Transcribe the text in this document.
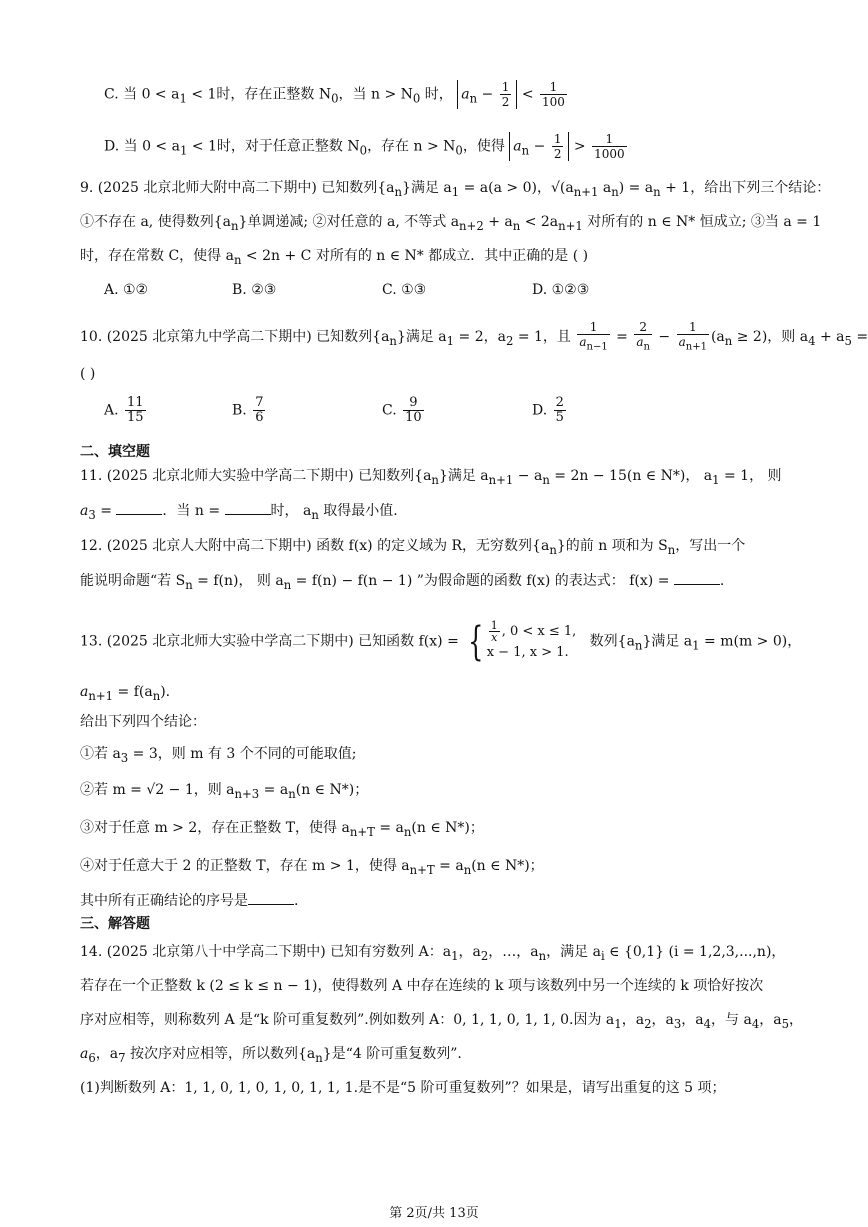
C. 当 $0 < a_1 < 1$时，存在正整数 $N_0$，当 $n > N_0$ 时， $a_n - \frac{1}{2} < \frac{1}{100}$
D. 当 $0 < a_1 < 1$时，对于任意正整数 $N_0$，存在 $n > N_0$，使得 $a_n - \frac{1}{2} > \frac{1}{1000}$
9. (2025 北京北师大附中高二下期中) 已知数列$\{a_n\}$满足 $a_1 = a(a > 0)$，$√(a_{n+1}$ $a_n) = a_n + 1$，给出下列三个结论：
①不存在 a, 使得数列$\{a_n\}$单调递减; ②对任意的 a, 不等式 $a_{n+2} + a_n < 2a_{n+1}$ 对所有的 n ∈ N* 恒成立; ③当 a = 1
时，存在常数 C，使得 $a_n < 2n + C$ 对所有的 n ∈ N* 都成立．其中正确的是 ( )
A. ①②	B. ②③	C. ①③	D. ①②③
10. (2025 北京第九中学高二下期中) 已知数列$\{a_n\}$满足 $a_1 = 2$，$a_2 = 1$，且 $\frac{1}{a_{n-1}} = \frac{2}{a_n} - \frac{1}{a_{n+1}} (a_n \ge 2)$，则 $a_4 + a_5$ =
( )
A. $\frac{11}{15}$	B. $\frac{7}{6}$	C. $\frac{9}{10}$	D. $\frac{2}{5}$
二、填空题
11. (2025 北京北师大实验中学高二下期中) 已知数列$\{a_n\}$满足 $a_{n+1} - a_n = 2n - 15(n$ ∈ N*)， $a_1 = 1$， 则
$a_3$ =	．当 n =	时， $a_n$ 取得最小值.
12. (2025 北京人大附中高二下期中) 函数 f(x) 的定义域为 R，无穷数列$\{a_n\}$的前 n 项和为 $S_n$，写出一个
能说明命题“若 $S_n = f(n)$， 则 $a_n = f(n) - f(n - 1)$ ”为假命题的函数 f(x) 的表达式： f(x) =	.
13. (2025 北京北师大实验中学高二下期中) 已知函数 f(x) = { $\frac{1}{x}$ , 0 < x ≤ 1,
x − 1, x > 1.
数列$\{a_n\}$满足 $a_1 = m(m > 0)$，
$a_{n+1} = f(a_n)$.
给出下列四个结论：
①若 $a_3 = 3$，则 m 有 3 个不同的可能取值;
②若 m = √2 − 1，则 $a_{n+3} = a_n(n$ ∈ N*)；
③对于任意 m > 2，存在正整数 T，使得 $a_{n+T} = a_n(n$ ∈ N*)；
④对于任意大于 2 的正整数 T，存在 m > 1，使得 $a_{n+T} = a_n(n$ ∈ N*)；
其中所有正确结论的序号是	.
三、解答题
14. (2025 北京第八十中学高二下期中) 已知有穷数列 A：$a_1$，$a_2$，…，$a_n$，满足 $a_i$ ∈ {0,1} (i = 1,2,3,...,n)，
若存在一个正整数 k (2 ≤ k ≤ n − 1)，使得数列 A 中存在连续的 k 项与该数列中另一个连续的 k 项恰好按次
序对应相等，则称数列 A 是“k 阶可重复数列”.例如数列 A：0, 1, 1, 0, 1, 1, 0.因为 $a_1$，$a_2$，$a_3$，$a_4$，与 $a_4$，$a_5$，
$a_6$，$a_7$ 按次序对应相等，所以数列$\{a_n\}$是“4 阶可重复数列”.
(1)判断数列 A：1, 1, 0, 1, 0, 1, 0, 1, 1, 1.是不是“5 阶可重复数列”？如果是，请写出重复的这 5 项；
第 2页/共 13页
